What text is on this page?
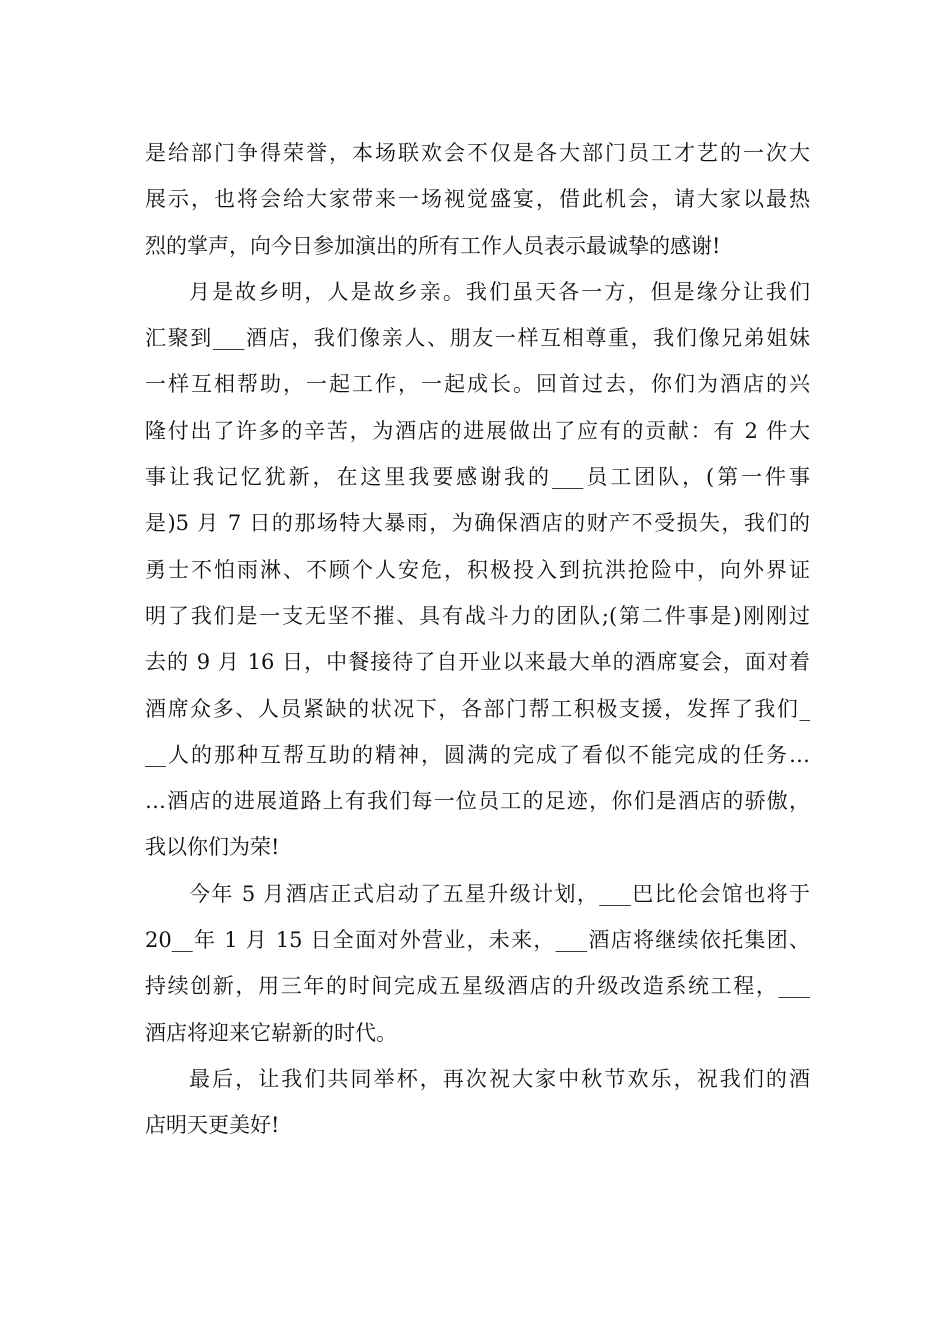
是给部门争得荣誉，本场联欢会不仅是各大部门员工才艺的一次大
展示，也将会给大家带来一场视觉盛宴，借此机会，请大家以最热
烈的掌声，向今日参加演出的所有工作人员表示最诚挚的感谢!
月是故乡明，人是故乡亲。我们虽天各一方，但是缘分让我们
汇聚到___酒店，我们像亲人、朋友一样互相尊重，我们像兄弟姐妹
一样互相帮助，一起工作，一起成长。回首过去，你们为酒店的兴
隆付出了许多的辛苦，为酒店的进展做出了应有的贡献：有 2 件大
事让我记忆犹新，在这里我要感谢我的___员工团队，(第一件事
是)5 月 7 日的那场特大暴雨，为确保酒店的财产不受损失，我们的
勇士不怕雨淋、不顾个人安危，积极投入到抗洪抢险中，向外界证
明了我们是一支无坚不摧、具有战斗力的团队;(第二件事是)刚刚过
去的 9 月 16 日，中餐接待了自开业以来最大单的酒席宴会，面对着
酒席众多、人员紧缺的状况下，各部门帮工积极支援，发挥了我们_
__人的那种互帮互助的精神，圆满的完成了看似不能完成的任务…
…酒店的进展道路上有我们每一位员工的足迹，你们是酒店的骄傲，
我以你们为荣!
今年 5 月酒店正式启动了五星升级计划，___巴比伦会馆也将于
20__年 1 月 15 日全面对外营业，未来，___酒店将继续依托集团、
持续创新，用三年的时间完成五星级酒店的升级改造系统工程，___
酒店将迎来它崭新的时代。
最后，让我们共同举杯，再次祝大家中秋节欢乐，祝我们的酒
店明天更美好!
